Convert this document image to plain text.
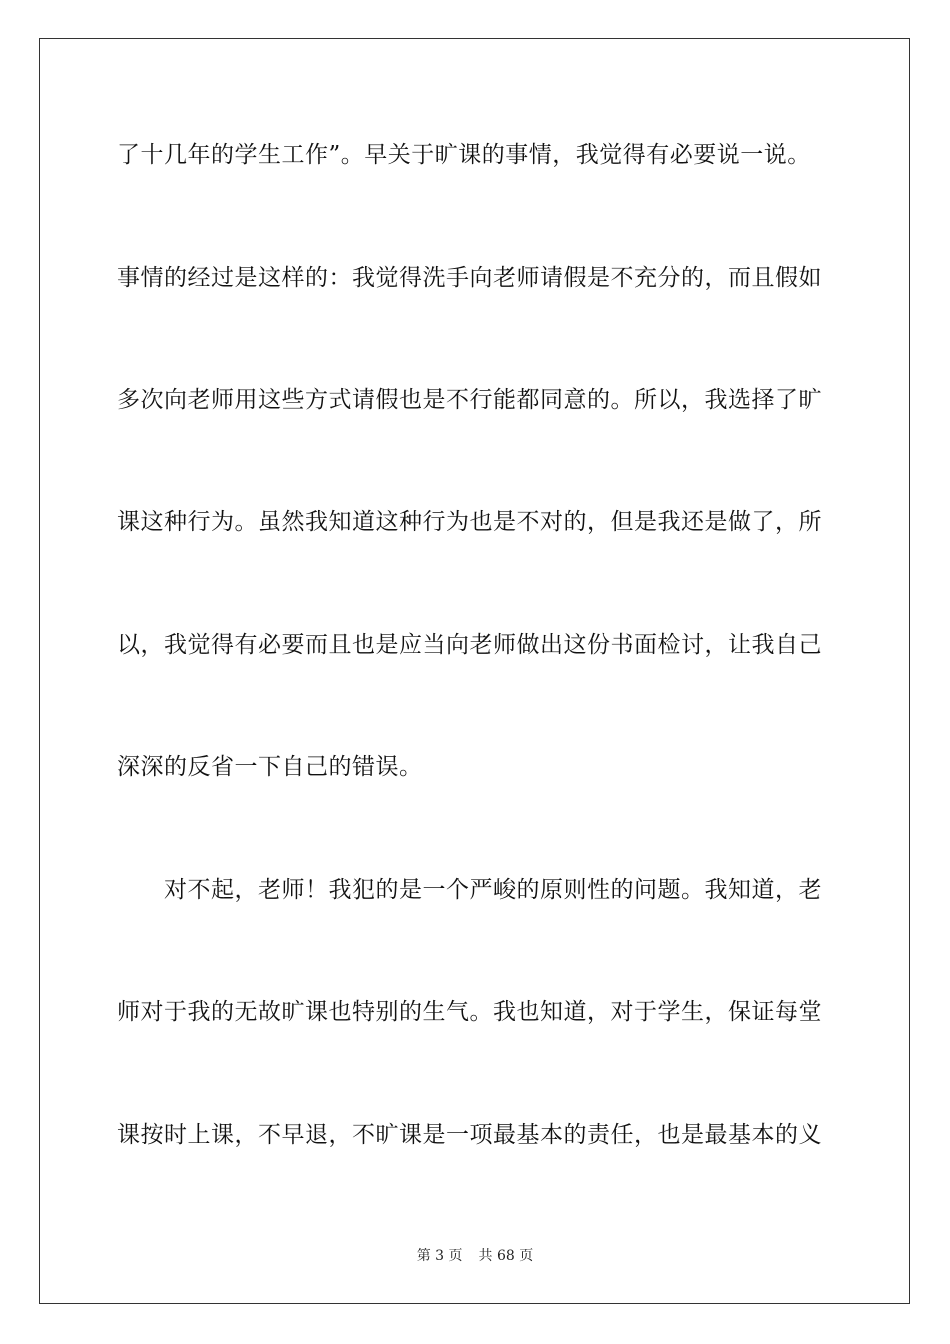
了十几年的学生工作”。早关于旷课的事情，我觉得有必要说一说。
事情的经过是这样的：我觉得洗手向老师请假是不充分的，而且假如
多次向老师用这些方式请假也是不行能都同意的。所以，我选择了旷
课这种行为。虽然我知道这种行为也是不对的，但是我还是做了，所
以，我觉得有必要而且也是应当向老师做出这份书面检讨，让我自己
深深的反省一下自己的错误。
对不起，老师！我犯的是一个严峻的原则性的问题。我知道，老
师对于我的无故旷课也特别的生气。我也知道，对于学生，保证每堂
课按时上课，不早退，不旷课是一项最基本的责任，也是最基本的义
第 3 页 共 68 页
